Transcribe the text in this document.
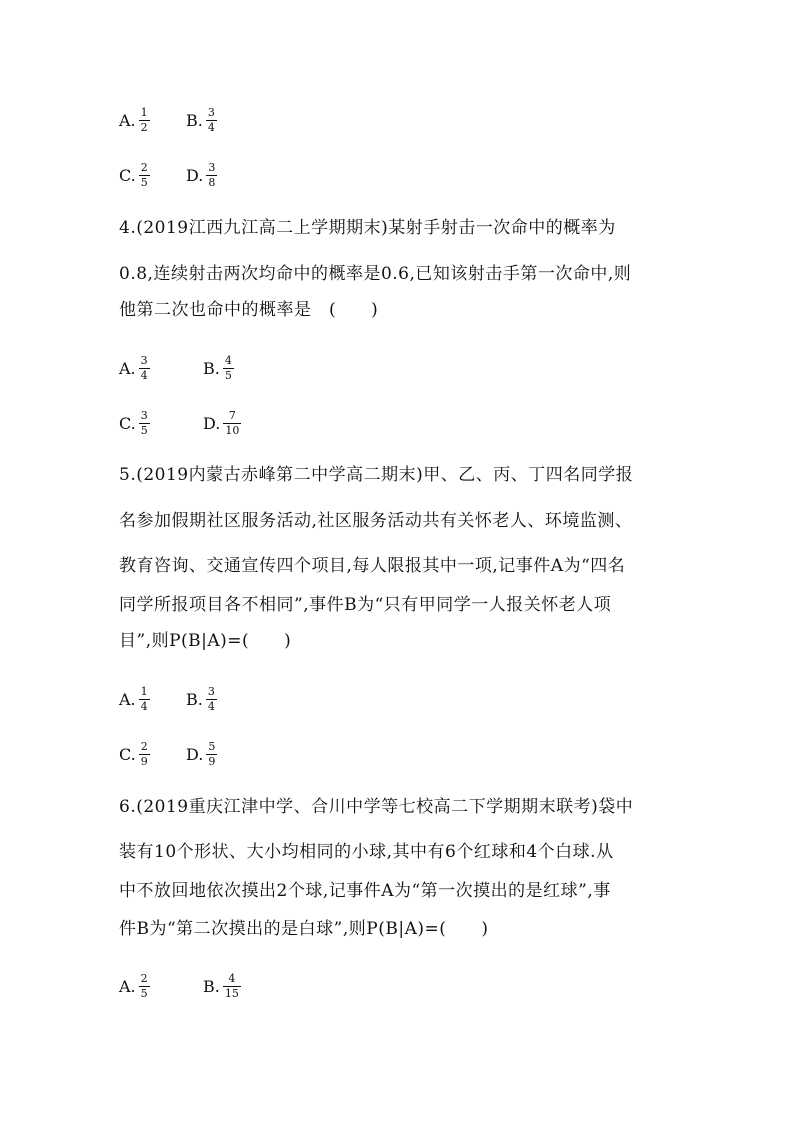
A. $\frac{1}{2} B$. $\frac{3}{4}$
C. $\frac{2}{5} D$. $\frac{3}{8}$
4.(2019江西九江高二上学期期末)某射手射击一次命中的概率为
0.8,连续射击两次均命中的概率是0.6,已知该射击手第一次命中,则
他第二次也命中的概率是　(　　)
A. $\frac{3}{4}$	B. $\frac{4}{5}$
C. $\frac{3}{5}$	D. $\frac{7}{10}$
5.(2019内蒙古赤峰第二中学高二期末)甲、乙、丙、丁四名同学报
名参加假期社区服务活动,社区服务活动共有关怀老人、环境监测、
教育咨询、交通宣传四个项目,每人限报其中一项,记事件A为“四名
同学所报项目各不相同”,事件B为“只有甲同学一人报关怀老人项
目”,则P(B|A)=(　　)
A. $\frac{1}{4} B$. $\frac{3}{4}$
C. $\frac{2}{9} D$. $\frac{5}{9}$
6.(2019重庆江津中学、合川中学等七校高二下学期期末联考)袋中
装有10个形状、大小均相同的小球,其中有6个红球和4个白球.从
中不放回地依次摸出2个球,记事件A为“第一次摸出的是红球”,事
件B为“第二次摸出的是白球”,则P(B|A)=(　　)
A. $\frac{2}{5}$	B. $\frac{4}{15}$
